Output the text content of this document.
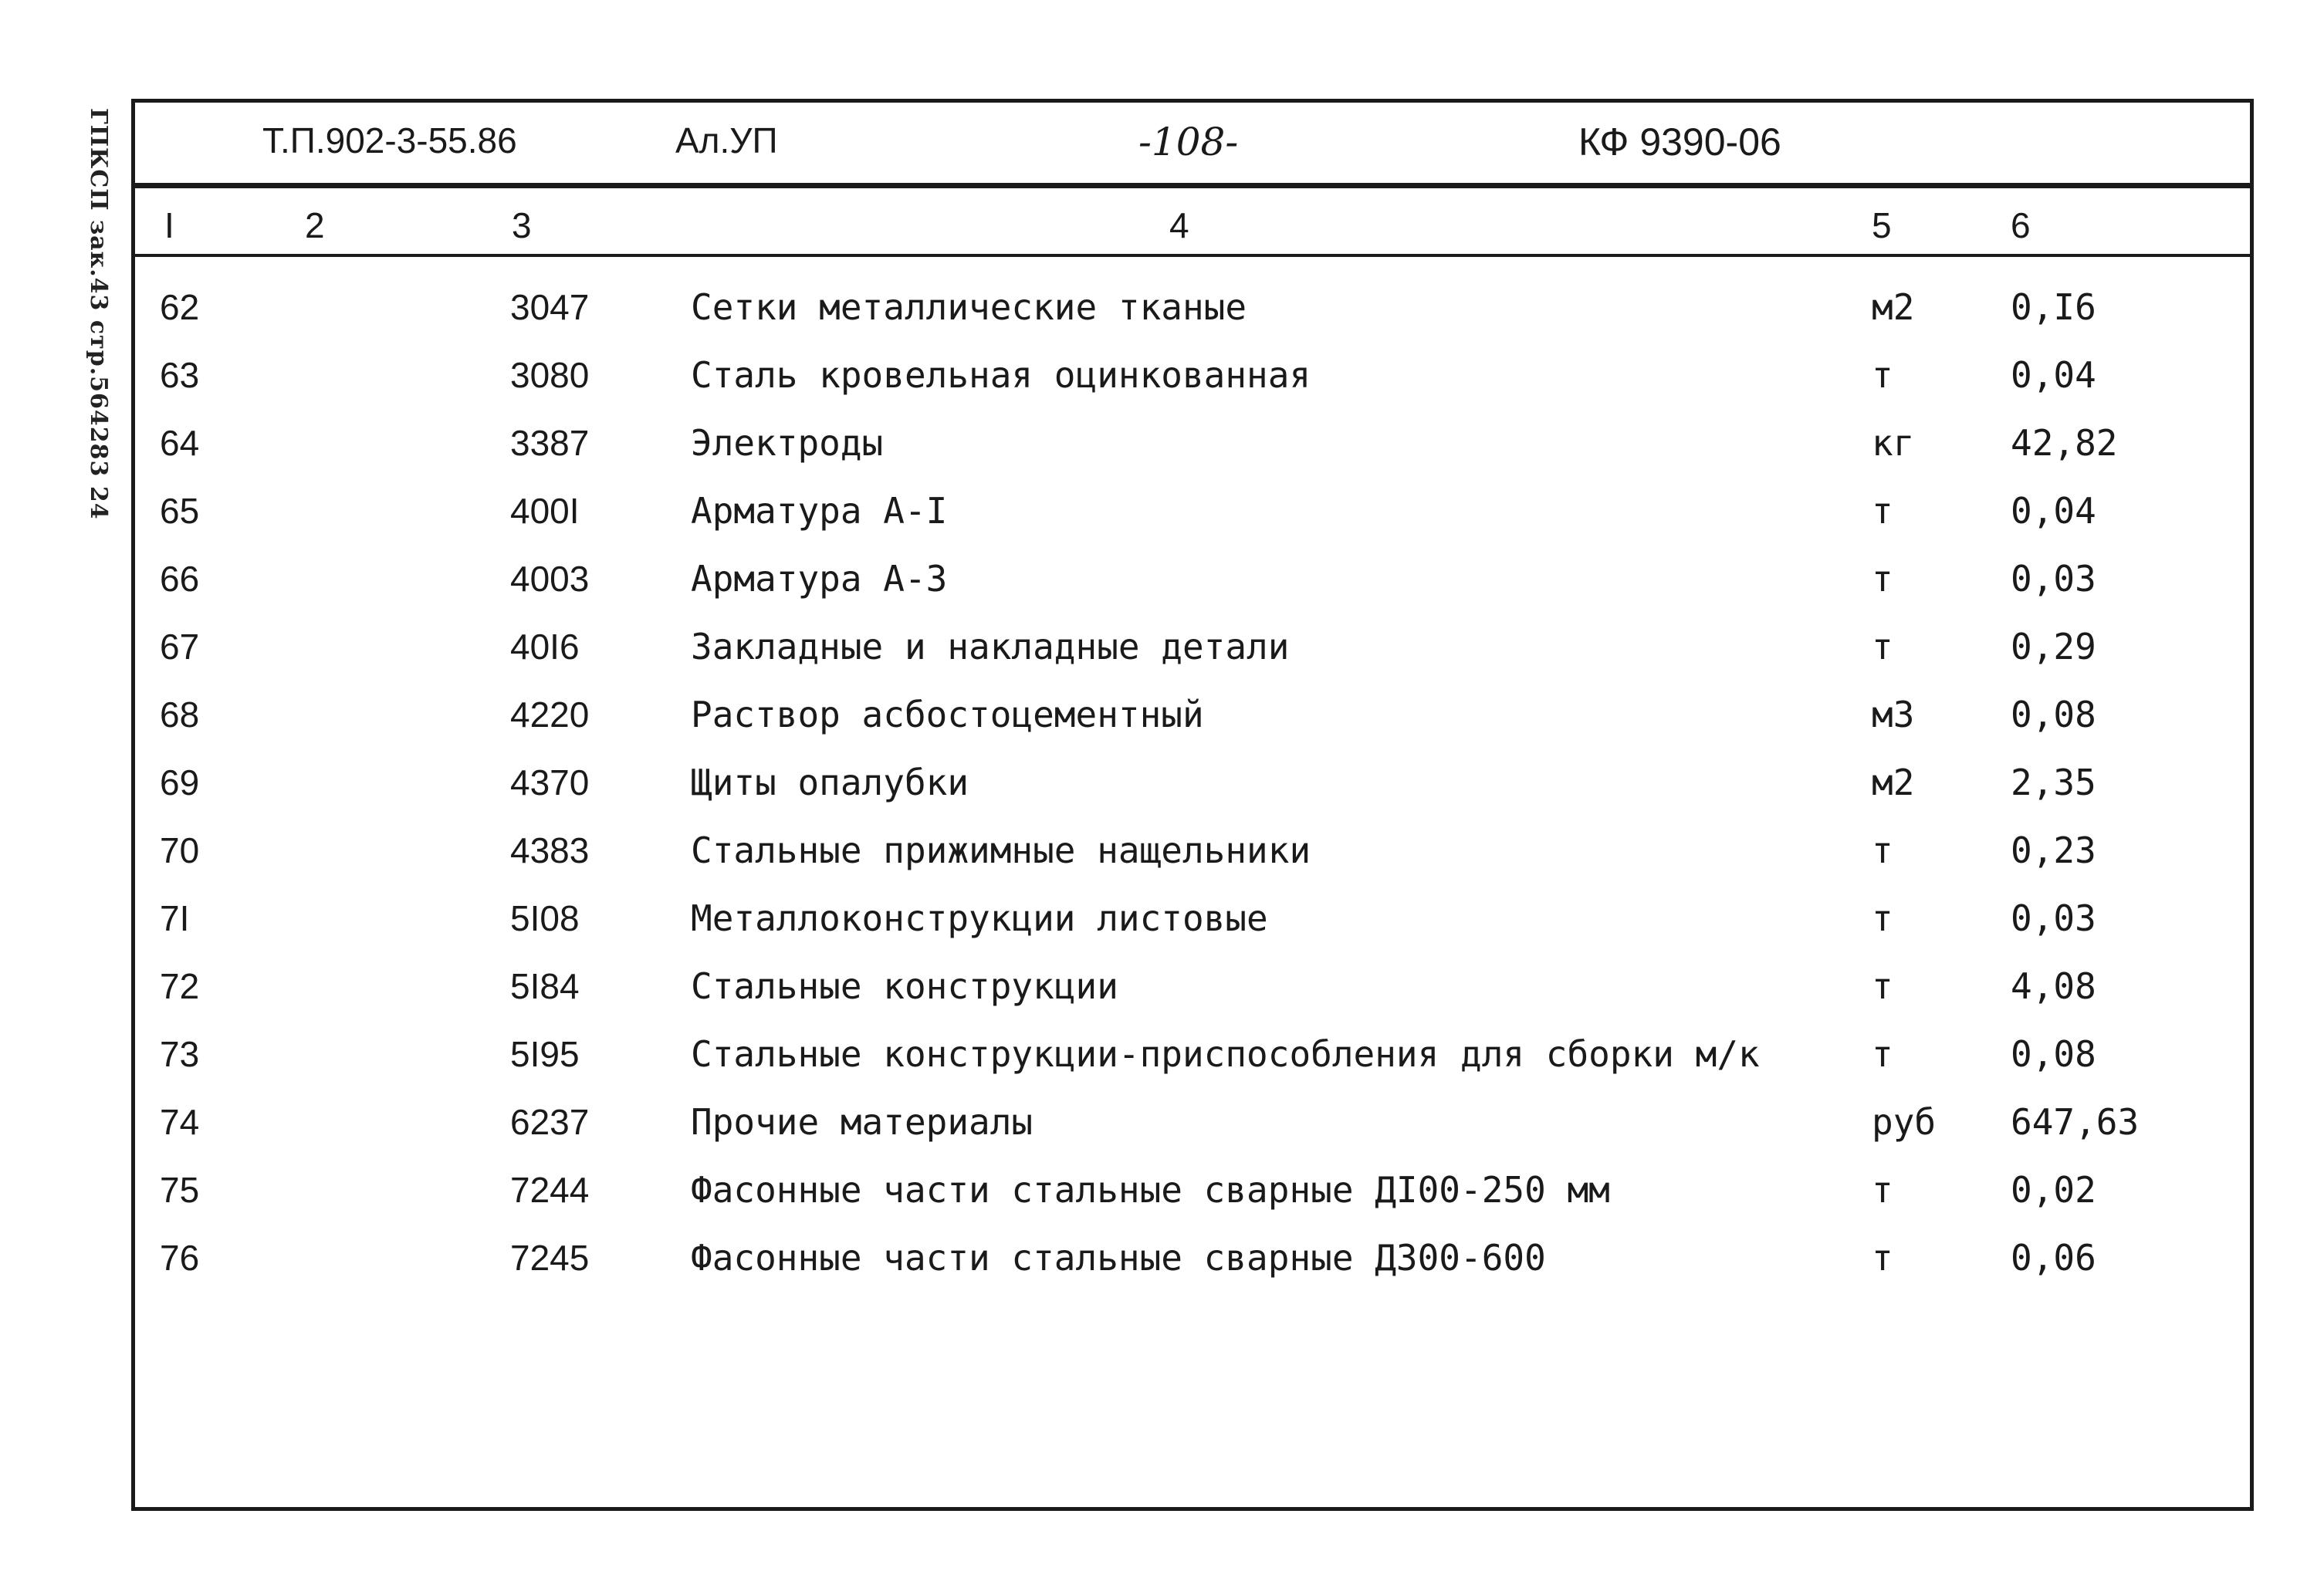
ГПКСП зак.43 стр.564283 24	Т.П.902-3-55.86	Ал.УП	-108-	КФ 9390-06
I	2	3	4	5	6
62	3047	Сетки металлические тканые	м2	0,I6
63	3080	Сталь кровельная оцинкованная	т	0,04
64	3387	Электроды	кг	42,82
65	400I	Арматура А-I	т	0,04
66	4003	Арматура А-3	т	0,03
67	40I6	Закладные и накладные детали	т	0,29
68	4220	Раствор асбостоцементный	м3	0,08
69	4370	Щиты опалубки	м2	2,35
70	4383	Стальные прижимные нащельники	т	0,23
7I	5I08	Металлоконструкции листовые	т	0,03
72	5I84	Стальные конструкции	т	4,08
73	5I95	Стальные конструкции-приспособления для сборки м/к	т	0,08
74	6237	Прочие материалы	руб 647,63
75	7244	Фасонные части стальные сварные ДI00-250 мм	т	0,02
76	7245	Фасонные части стальные сварные Д300-600	т	0,06
